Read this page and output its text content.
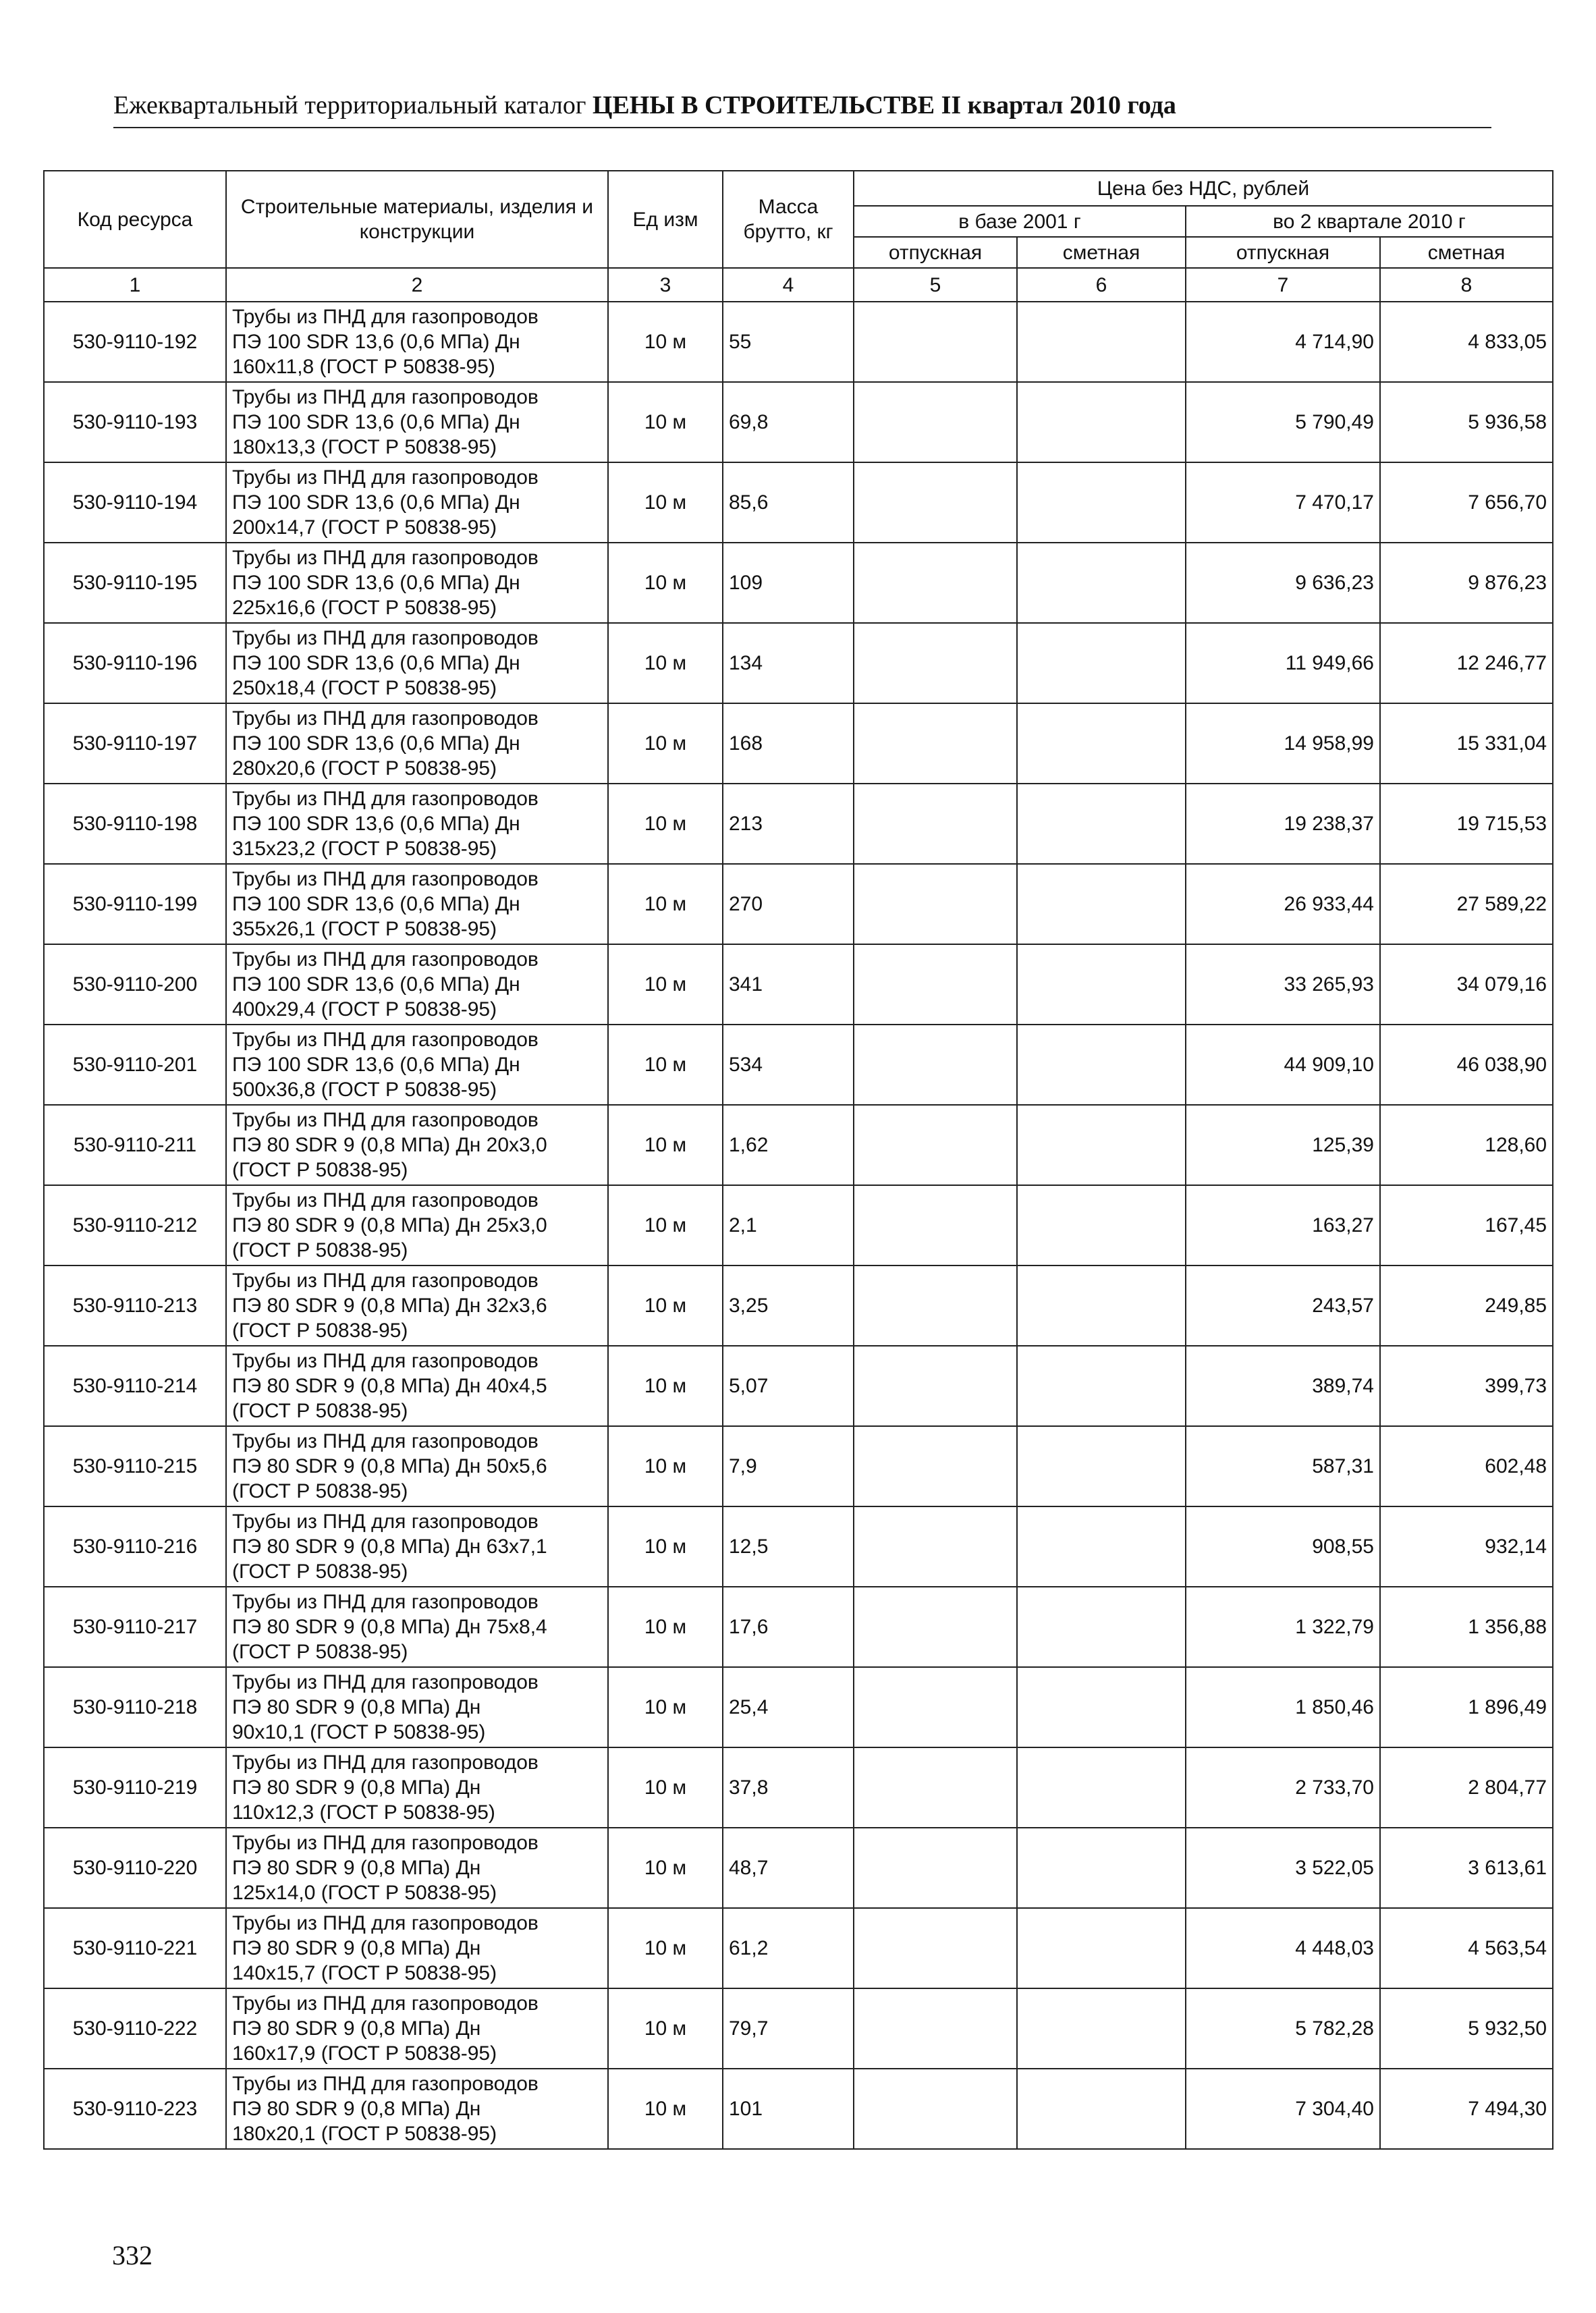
Ежеквартальный территориальный каталог ЦЕНЫ В СТРОИТЕЛЬСТВЕ II квартал 2010 года
Код ресурса	Строительные материалы, изделия и конструкции	Ед изм	Масса брутто, кг	Цена без НДС, рублей			
				в базе 2001 г		во 2 квартале 2010 г	
				отпускная	сметная	отпускная	сметная
1	2	3	4	5	6	7	8
530-9110-192	Трубы из ПНД для газопроводов
ПЭ 100 SDR 13,6 (0,6 МПа) Дн
160х11,8 (ГОСТ Р 50838-95)	10 м	55			4 714,90	4 833,05
530-9110-193	Трубы из ПНД для газопроводов
ПЭ 100 SDR 13,6 (0,6 МПа) Дн
180х13,3 (ГОСТ Р 50838-95)	10 м	69,8			5 790,49	5 936,58
530-9110-194	Трубы из ПНД для газопроводов
ПЭ 100 SDR 13,6 (0,6 МПа) Дн
200х14,7 (ГОСТ Р 50838-95)	10 м	85,6			7 470,17	7 656,70
530-9110-195	Трубы из ПНД для газопроводов
ПЭ 100 SDR 13,6 (0,6 МПа) Дн
225х16,6 (ГОСТ Р 50838-95)	10 м	109			9 636,23	9 876,23
530-9110-196	Трубы из ПНД для газопроводов
ПЭ 100 SDR 13,6 (0,6 МПа) Дн
250х18,4 (ГОСТ Р 50838-95)	10 м	134			11 949,66	12 246,77
530-9110-197	Трубы из ПНД для газопроводов
ПЭ 100 SDR 13,6 (0,6 МПа) Дн
280х20,6 (ГОСТ Р 50838-95)	10 м	168			14 958,99	15 331,04
530-9110-198	Трубы из ПНД для газопроводов
ПЭ 100 SDR 13,6 (0,6 МПа) Дн
315х23,2 (ГОСТ Р 50838-95)	10 м	213			19 238,37	19 715,53
530-9110-199	Трубы из ПНД для газопроводов
ПЭ 100 SDR 13,6 (0,6 МПа) Дн
355х26,1 (ГОСТ Р 50838-95)	10 м	270			26 933,44	27 589,22
530-9110-200	Трубы из ПНД для газопроводов
ПЭ 100 SDR 13,6 (0,6 МПа) Дн
400х29,4 (ГОСТ Р 50838-95)	10 м	341			33 265,93	34 079,16
530-9110-201	Трубы из ПНД для газопроводов
ПЭ 100 SDR 13,6 (0,6 МПа) Дн
500х36,8 (ГОСТ Р 50838-95)	10 м	534			44 909,10	46 038,90
530-9110-211	Трубы из ПНД для газопроводов
ПЭ 80 SDR 9 (0,8 МПа) Дн 20х3,0
(ГОСТ Р 50838-95)	10 м	1,62			125,39	128,60
530-9110-212	Трубы из ПНД для газопроводов
ПЭ 80 SDR 9 (0,8 МПа) Дн 25х3,0
(ГОСТ Р 50838-95)	10 м	2,1			163,27	167,45
530-9110-213	Трубы из ПНД для газопроводов
ПЭ 80 SDR 9 (0,8 МПа) Дн 32х3,6
(ГОСТ Р 50838-95)	10 м	3,25			243,57	249,85
530-9110-214	Трубы из ПНД для газопроводов
ПЭ 80 SDR 9 (0,8 МПа) Дн 40х4,5
(ГОСТ Р 50838-95)	10 м	5,07			389,74	399,73
530-9110-215	Трубы из ПНД для газопроводов
ПЭ 80 SDR 9 (0,8 МПа) Дн 50х5,6
(ГОСТ Р 50838-95)	10 м	7,9			587,31	602,48
530-9110-216	Трубы из ПНД для газопроводов
ПЭ 80 SDR 9 (0,8 МПа) Дн 63х7,1
(ГОСТ Р 50838-95)	10 м	12,5			908,55	932,14
530-9110-217	Трубы из ПНД для газопроводов
ПЭ 80 SDR 9 (0,8 МПа) Дн 75х8,4
(ГОСТ Р 50838-95)	10 м	17,6			1 322,79	1 356,88
530-9110-218	Трубы из ПНД для газопроводов
ПЭ 80 SDR 9 (0,8 МПа) Дн
90х10,1 (ГОСТ Р 50838-95)	10 м	25,4			1 850,46	1 896,49
530-9110-219	Трубы из ПНД для газопроводов
ПЭ 80 SDR 9 (0,8 МПа) Дн
110х12,3 (ГОСТ Р 50838-95)	10 м	37,8			2 733,70	2 804,77
530-9110-220	Трубы из ПНД для газопроводов
ПЭ 80 SDR 9 (0,8 МПа) Дн
125х14,0 (ГОСТ Р 50838-95)	10 м	48,7			3 522,05	3 613,61
530-9110-221	Трубы из ПНД для газопроводов
ПЭ 80 SDR 9 (0,8 МПа) Дн
140х15,7 (ГОСТ Р 50838-95)	10 м	61,2			4 448,03	4 563,54
530-9110-222	Трубы из ПНД для газопроводов
ПЭ 80 SDR 9 (0,8 МПа) Дн
160х17,9 (ГОСТ Р 50838-95)	10 м	79,7			5 782,28	5 932,50
530-9110-223	Трубы из ПНД для газопроводов
ПЭ 80 SDR 9 (0,8 МПа) Дн
180х20,1 (ГОСТ Р 50838-95)	10 м	101			7 304,40	7 494,30
332
